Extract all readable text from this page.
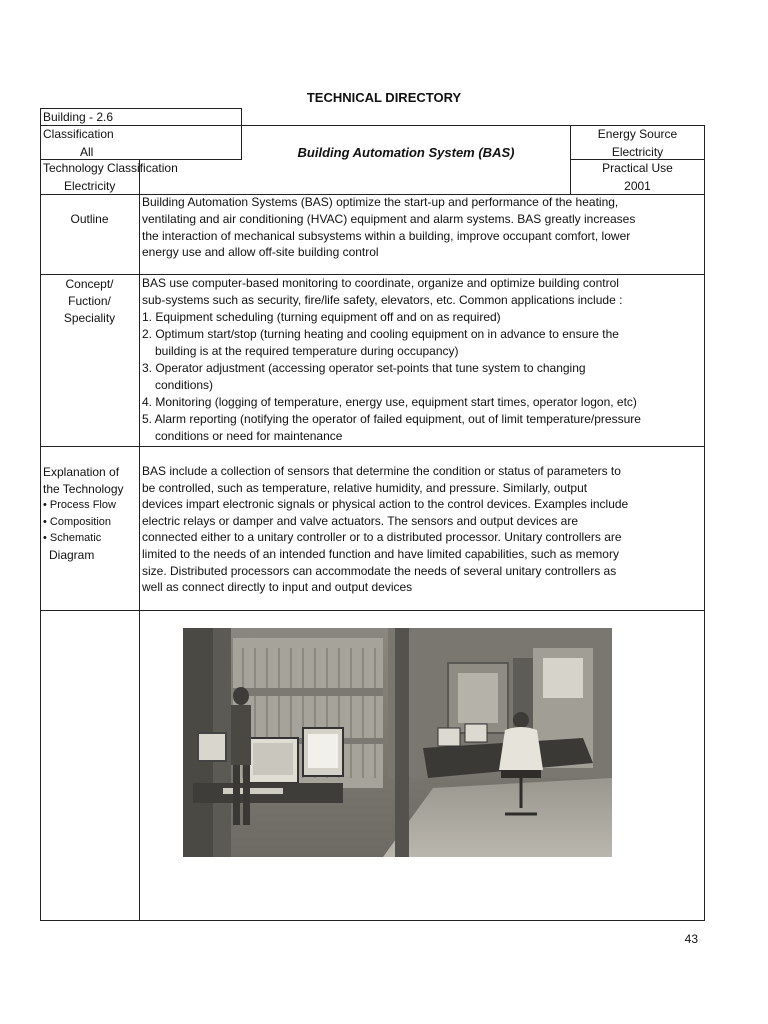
TECHNICAL DIRECTORY
Building - 2.6
Classification
All
Technology Classification
Electricity
Building Automation System (BAS)
Energy Source
Electricity
Practical Use
2001
Outline
Building Automation Systems (BAS) optimize the start-up and performance of the heating,
ventilating and air conditioning (HVAC) equipment and alarm systems. BAS greatly increases
the interaction of mechanical subsystems within a building, improve occupant comfort, lower
energy use and allow off-site building control
Concept/
Fuction/
Speciality
BAS use computer-based monitoring to coordinate, organize and optimize building control
sub-systems such as security, fire/life safety, elevators, etc. Common applications include :
1. Equipment scheduling (turning equipment off and on as required)
2. Optimum start/stop (turning heating and cooling equipment on in advance to ensure the
building is at the required temperature during occupancy)
3. Operator adjustment (accessing operator set-points that tune system to changing
conditions)
4. Monitoring (logging of temperature, energy use, equipment start times, operator logon, etc)
5. Alarm reporting (notifying the operator of failed equipment, out of limit temperature/pressure
conditions or need for maintenance
Explanation of
the Technology
• Process Flow
• Composition
• Schematic
Diagram
BAS include a collection of sensors that determine the condition or status of parameters to
be controlled, such as temperature, relative humidity, and pressure. Similarly, output
devices impart electronic signals or physical action to the control devices. Examples include
electric relays or damper and valve actuators. The sensors and output devices are
connected either to a unitary controller or to a distributed processor. Unitary controllers are
limited to the needs of an intended function and have limited capabilities, such as memory
size. Distributed processors can accommodate the needs of several unitary controllers as
well as connect directly to input and output devices
43
